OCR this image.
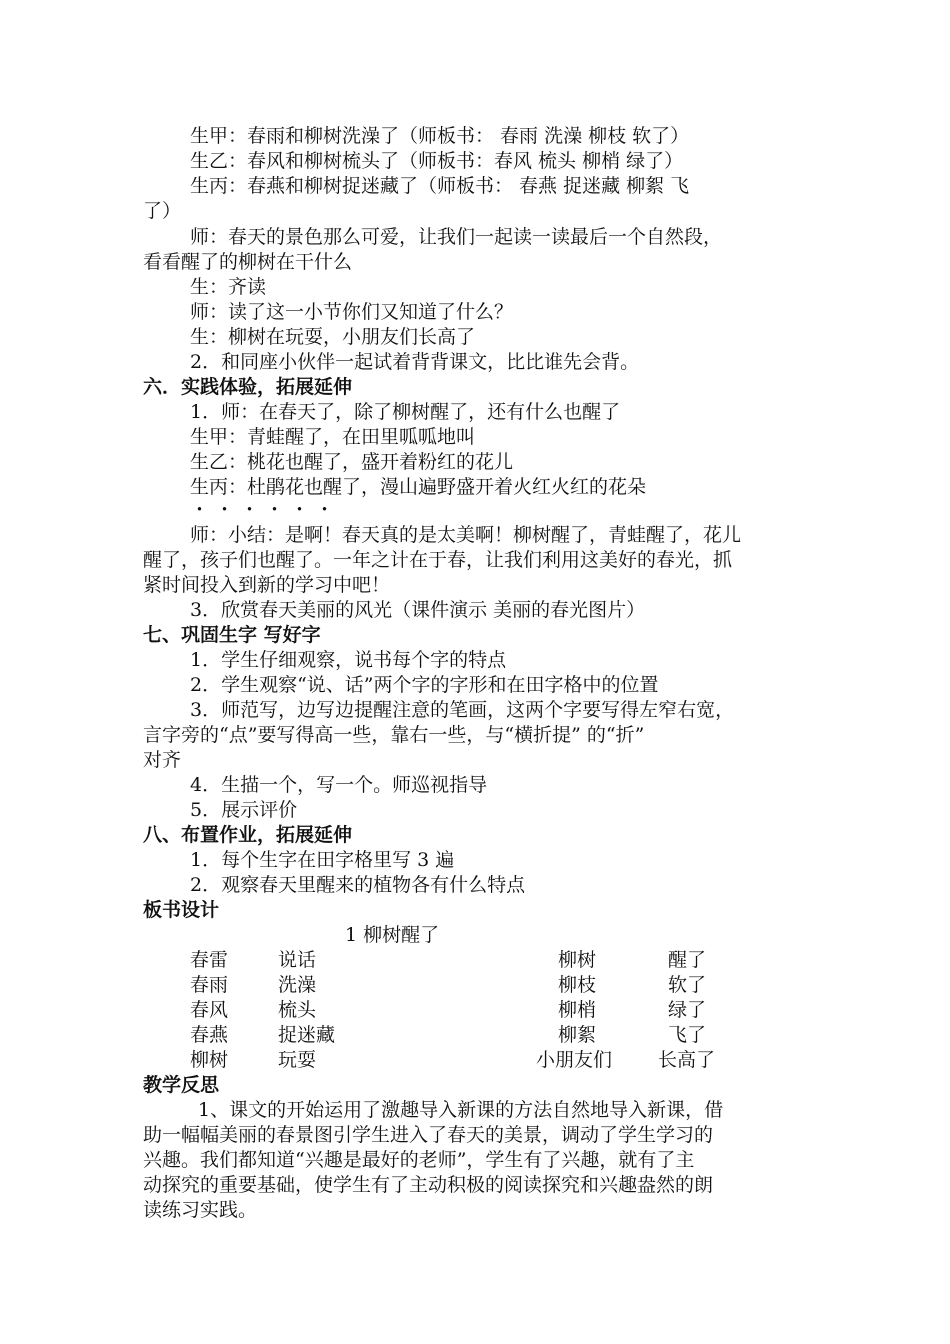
生甲：春雨和柳树洗澡了（师板书： 春雨 洗澡 柳枝 软了）
生乙：春风和柳树梳头了（师板书：春风 梳头 柳梢 绿了）
生丙：春燕和柳树捉迷藏了（师板书： 春燕 捉迷藏 柳絮 飞
了）
师：春天的景色那么可爱，让我们一起读一读最后一个自然段，
看看醒了的柳树在干什么
生：齐读
师：读了这一小节你们又知道了什么？
生：柳树在玩耍，小朋友们长高了
2．和同座小伙伴一起试着背背课文，比比谁先会背。
六．实践体验，拓展延伸
1．师：在春天了，除了柳树醒了，还有什么也醒了
生甲：青蛙醒了，在田里呱呱地叫
生乙：桃花也醒了，盛开着粉红的花儿
生丙：杜鹃花也醒了，漫山遍野盛开着火红火红的花朵
・・・・・・
师：小结：是啊！春天真的是太美啊！柳树醒了，青蛙醒了，花儿
醒了，孩子们也醒了。一年之计在于春，让我们利用这美好的春光，抓
紧时间投入到新的学习中吧！
3．欣赏春天美丽的风光（课件演示 美丽的春光图片）
七、巩固生字 写好字
1．学生仔细观察，说书每个字的特点
2．学生观察“说、话”两个字的字形和在田字格中的位置
3．师范写，边写边提醒注意的笔画，这两个字要写得左窄右宽，
言字旁的“点”要写得高一些，靠右一些，与“横折提” 的“折”
对齐
4．生描一个，写一个。师巡视指导
5．展示评价
八、布置作业，拓展延伸
1．每个生字在田字格里写 3 遍
2．观察春天里醒来的植物各有什么特点
板书设计
1 柳树醒了
春雷	说话	柳树	醒了
春雨	洗澡	柳枝	软了
春风	梳头	柳梢	绿了
春燕	捉迷藏	柳絮	飞了
柳树	玩耍	小朋友们 长高了
教学反思
1、课文的开始运用了激趣导入新课的方法自然地导入新课，借
助一幅幅美丽的春景图引学生进入了春天的美景，调动了学生学习的
兴趣。我们都知道“兴趣是最好的老师”，学生有了兴趣，就有了主
动探究的重要基础，使学生有了主动积极的阅读探究和兴趣盎然的朗
读练习实践。
